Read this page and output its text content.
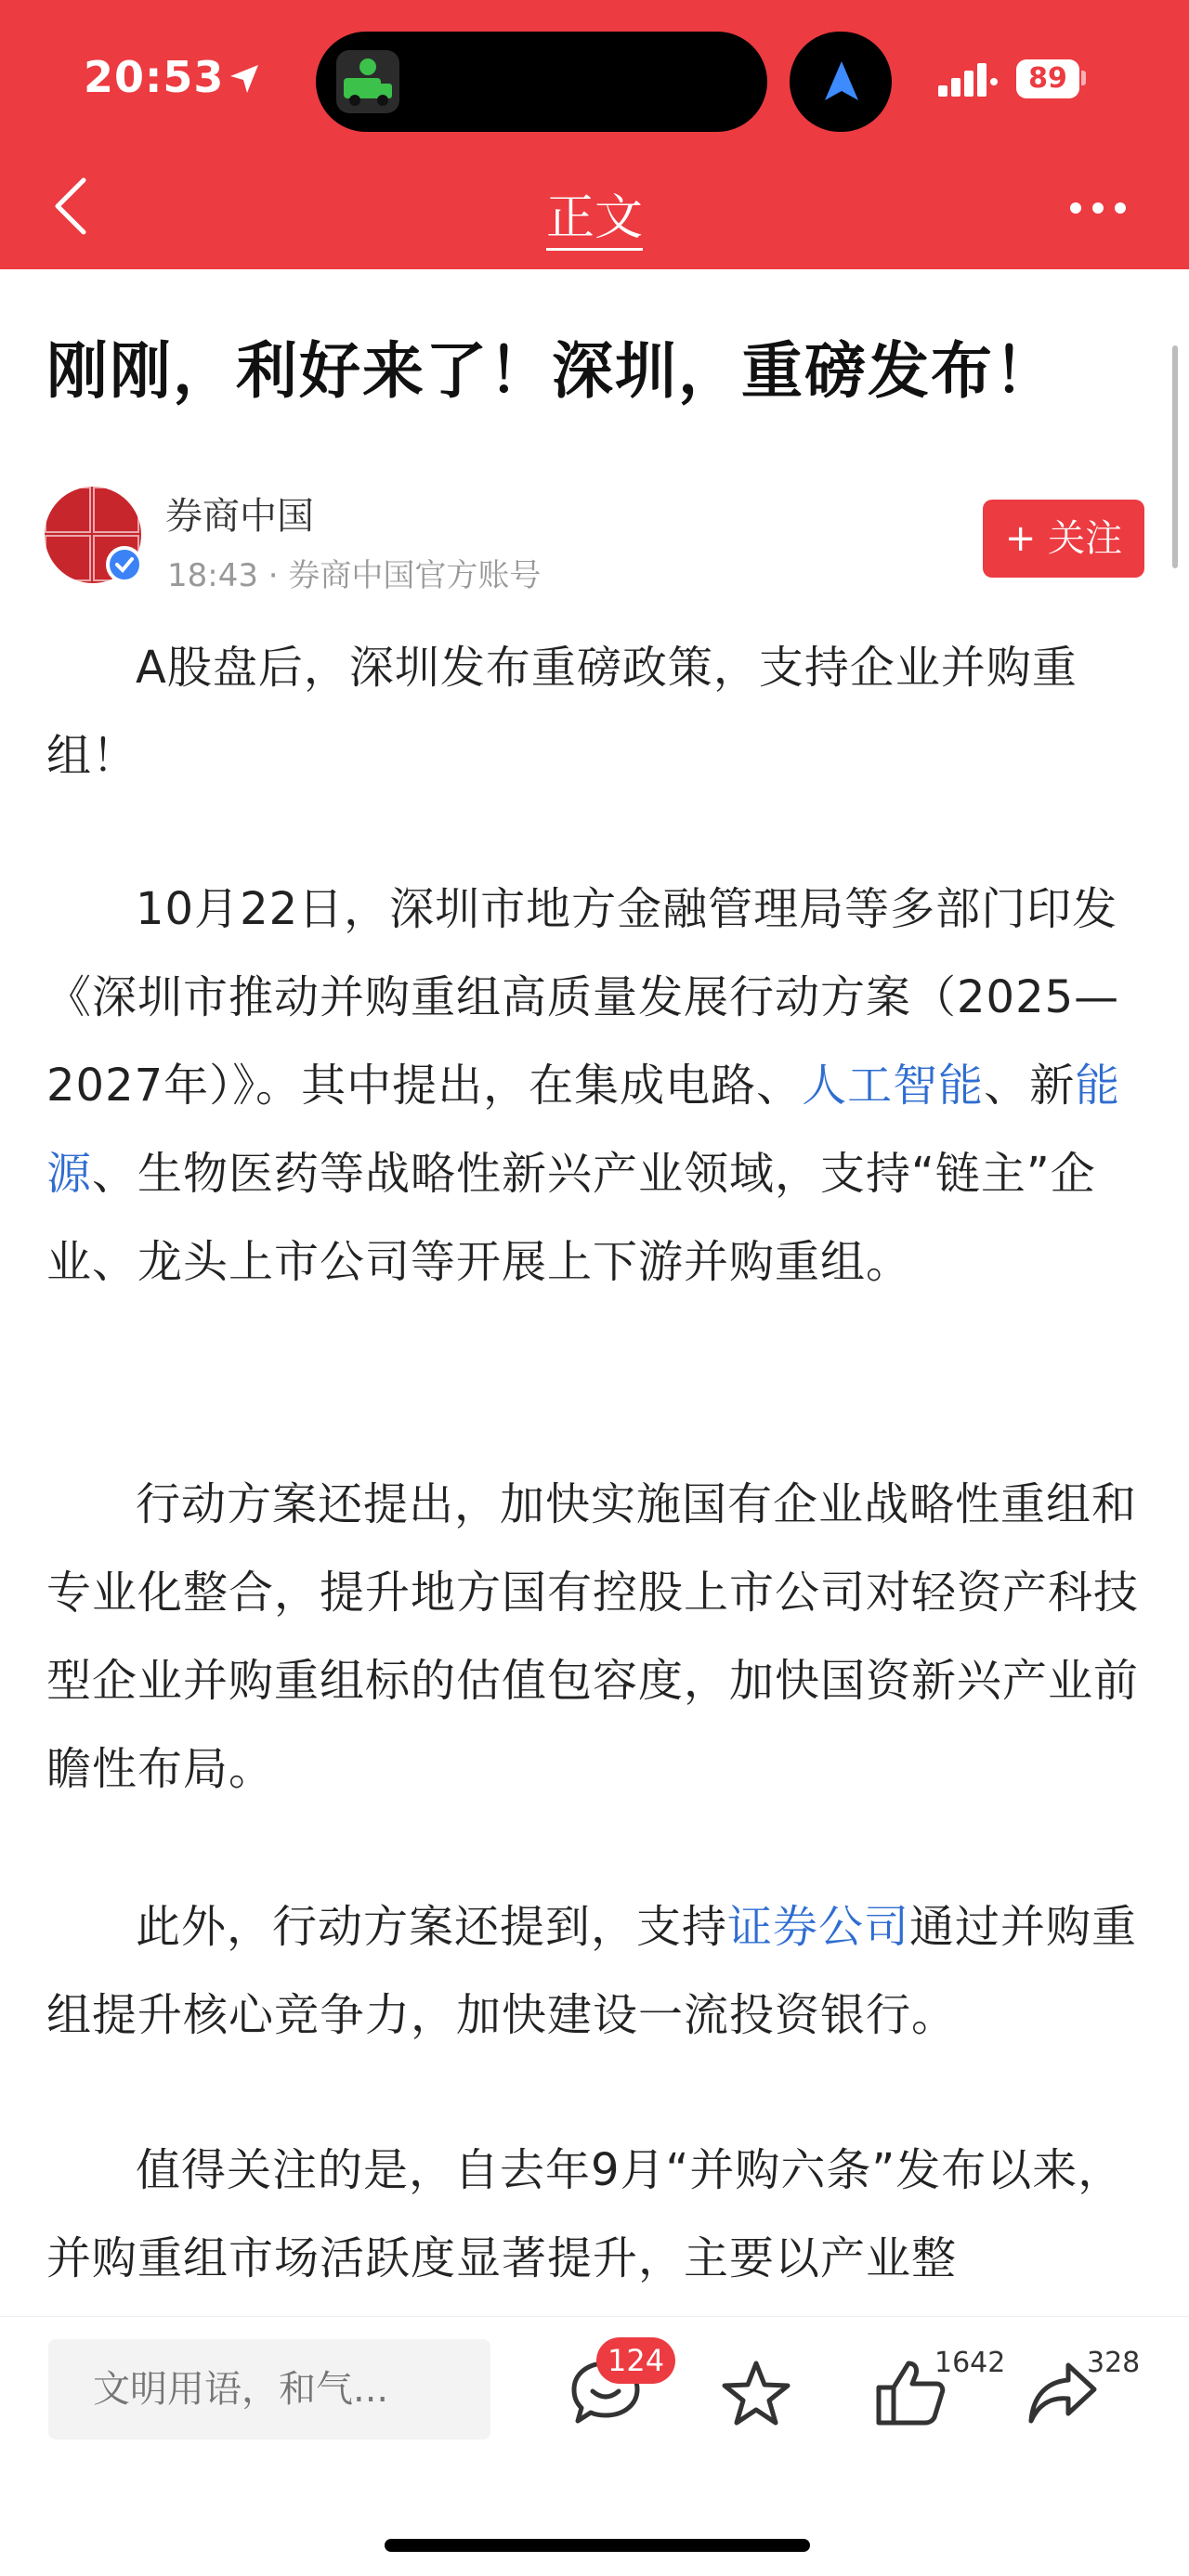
20:53	89
正文
刚刚，利好来了！深圳，重磅发布！
券商中国
18:43 · 券商中国官方账号
+ 关注
A股盘后，深圳发布重磅政策，支持企业并购重组！
10月22日，深圳市地方金融管理局等多部门印发《深圳市推动并购重组高质量发展行动方案（2025—2027年）》。其中提出，在集成电路、人工智能、新能源、生物医药等战略性新兴产业领域，支持“链主”企业、龙头上市公司等开展上下游并购重组。
行动方案还提出，加快实施国有企业战略性重组和专业化整合，提升地方国有控股上市公司对轻资产科技型企业并购重组标的估值包容度，加快国资新兴产业前瞻性布局。
此外，行动方案还提到，支持证券公司通过并购重组提升核心竞争力，加快建设一流投资银行。
值得关注的是，自去年9月“并购六条”发布以来，并购重组市场活跃度显著提升，主要以产业整
文明用语，和气...
124	1642	328
